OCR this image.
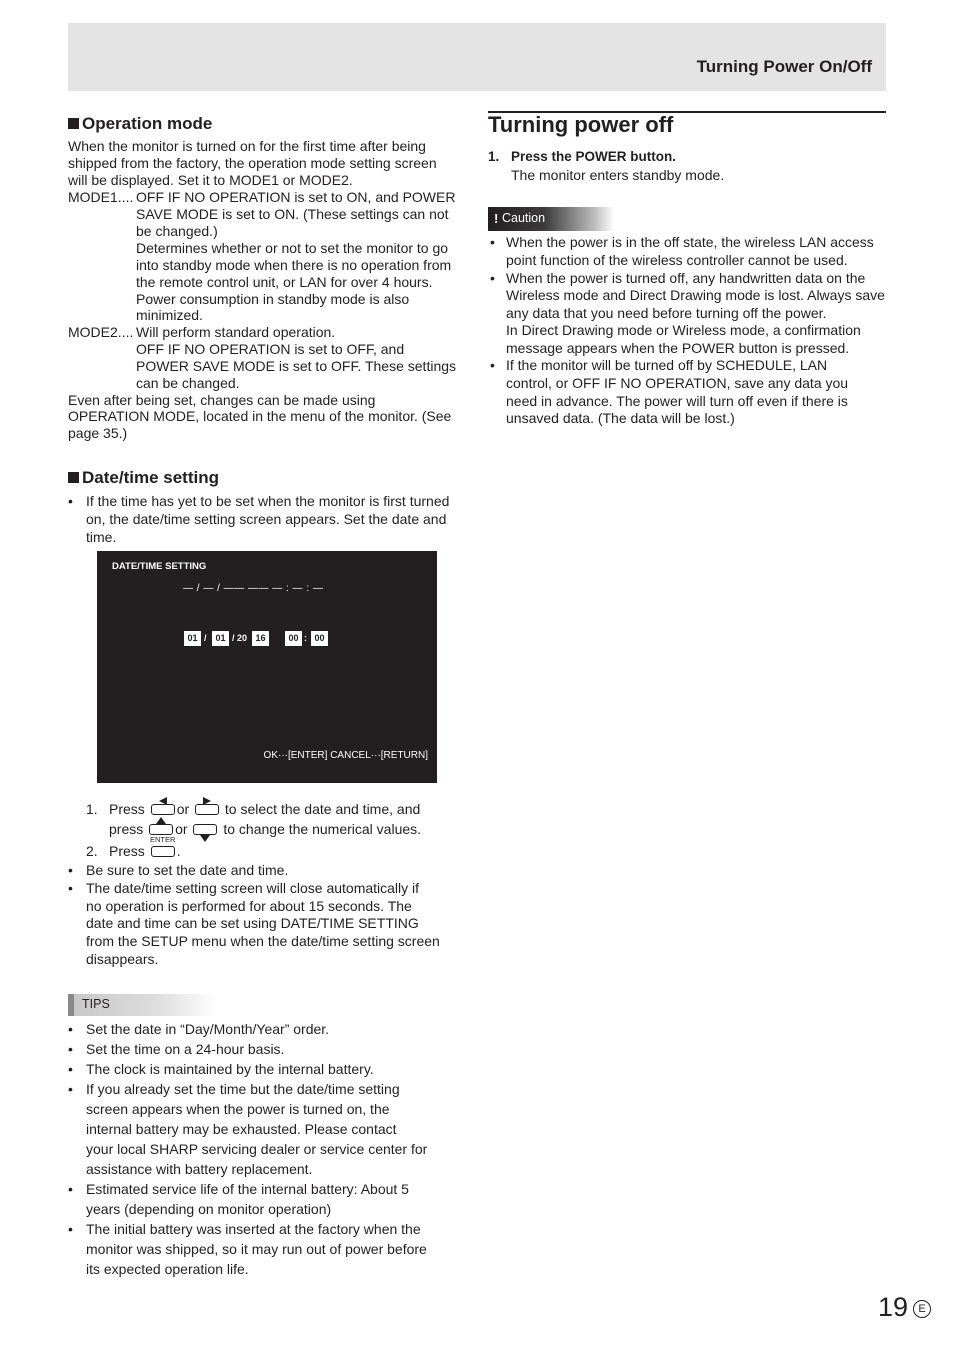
Turning Power On/Off
Operation mode
When the monitor is turned on for the first time after being
shipped from the factory, the operation mode setting screen
will be displayed. Set it to MODE1 or MODE2.
MODE1.... OFF IF NO OPERATION is set to ON, and POWER
SAVE MODE is set to ON. (These settings can not
be changed.)
Determines whether or not to set the monitor to go
into standby mode when there is no operation from
the remote control unit, or LAN for over 4 hours.
Power consumption in standby mode is also
minimized.
MODE2.... Will perform standard operation.
OFF IF NO OPERATION is set to OFF, and
POWER SAVE MODE is set to OFF. These settings
can be changed.
Even after being set, changes can be made using
OPERATION MODE, located in the menu of the monitor. (See
page 35.)
Date/time setting
• If the time has yet to be set when the monitor is first turned
on, the date/time setting screen appears. Set the date and
time.
DATE/TIME SETTING
— / — / —— —— — : — : —
01 / 01 / 20 16	00 : 00
OK···[ENTER] CANCEL···[RETURN]
1. Press or	to select the date and time, and
press or	to change the numerical values.
2. Press
ENTER
.
• Be sure to set the date and time.
• The date/time setting screen will close automatically if
no operation is performed for about 15 seconds. The
date and time can be set using DATE/TIME SETTING
from the SETUP menu when the date/time setting screen
disappears.
TIPS
• Set the date in “Day/Month/Year” order.
• Set the time on a 24-hour basis.
• The clock is maintained by the internal battery.
• If you already set the time but the date/time setting
screen appears when the power is turned on, the
internal battery may be exhausted. Please contact
your local SHARP servicing dealer or service center for
assistance with battery replacement.
• Estimated service life of the internal battery: About 5
years (depending on monitor operation)
• The initial battery was inserted at the factory when the
monitor was shipped, so it may run out of power before
its expected operation life.
Turning power off
1. Press the POWER button.
The monitor enters standby mode.
! Caution
• When the power is in the off state, the wireless LAN access
point function of the wireless controller cannot be used.
• When the power is turned off, any handwritten data on the
Wireless mode and Direct Drawing mode is lost. Always save
any data that you need before turning off the power.
In Direct Drawing mode or Wireless mode, a confirmation
message appears when the POWER button is pressed.
• If the monitor will be turned off by SCHEDULE, LAN
control, or OFF IF NO OPERATION, save any data you
need in advance. The power will turn off even if there is
unsaved data. (The data will be lost.)
19 E
